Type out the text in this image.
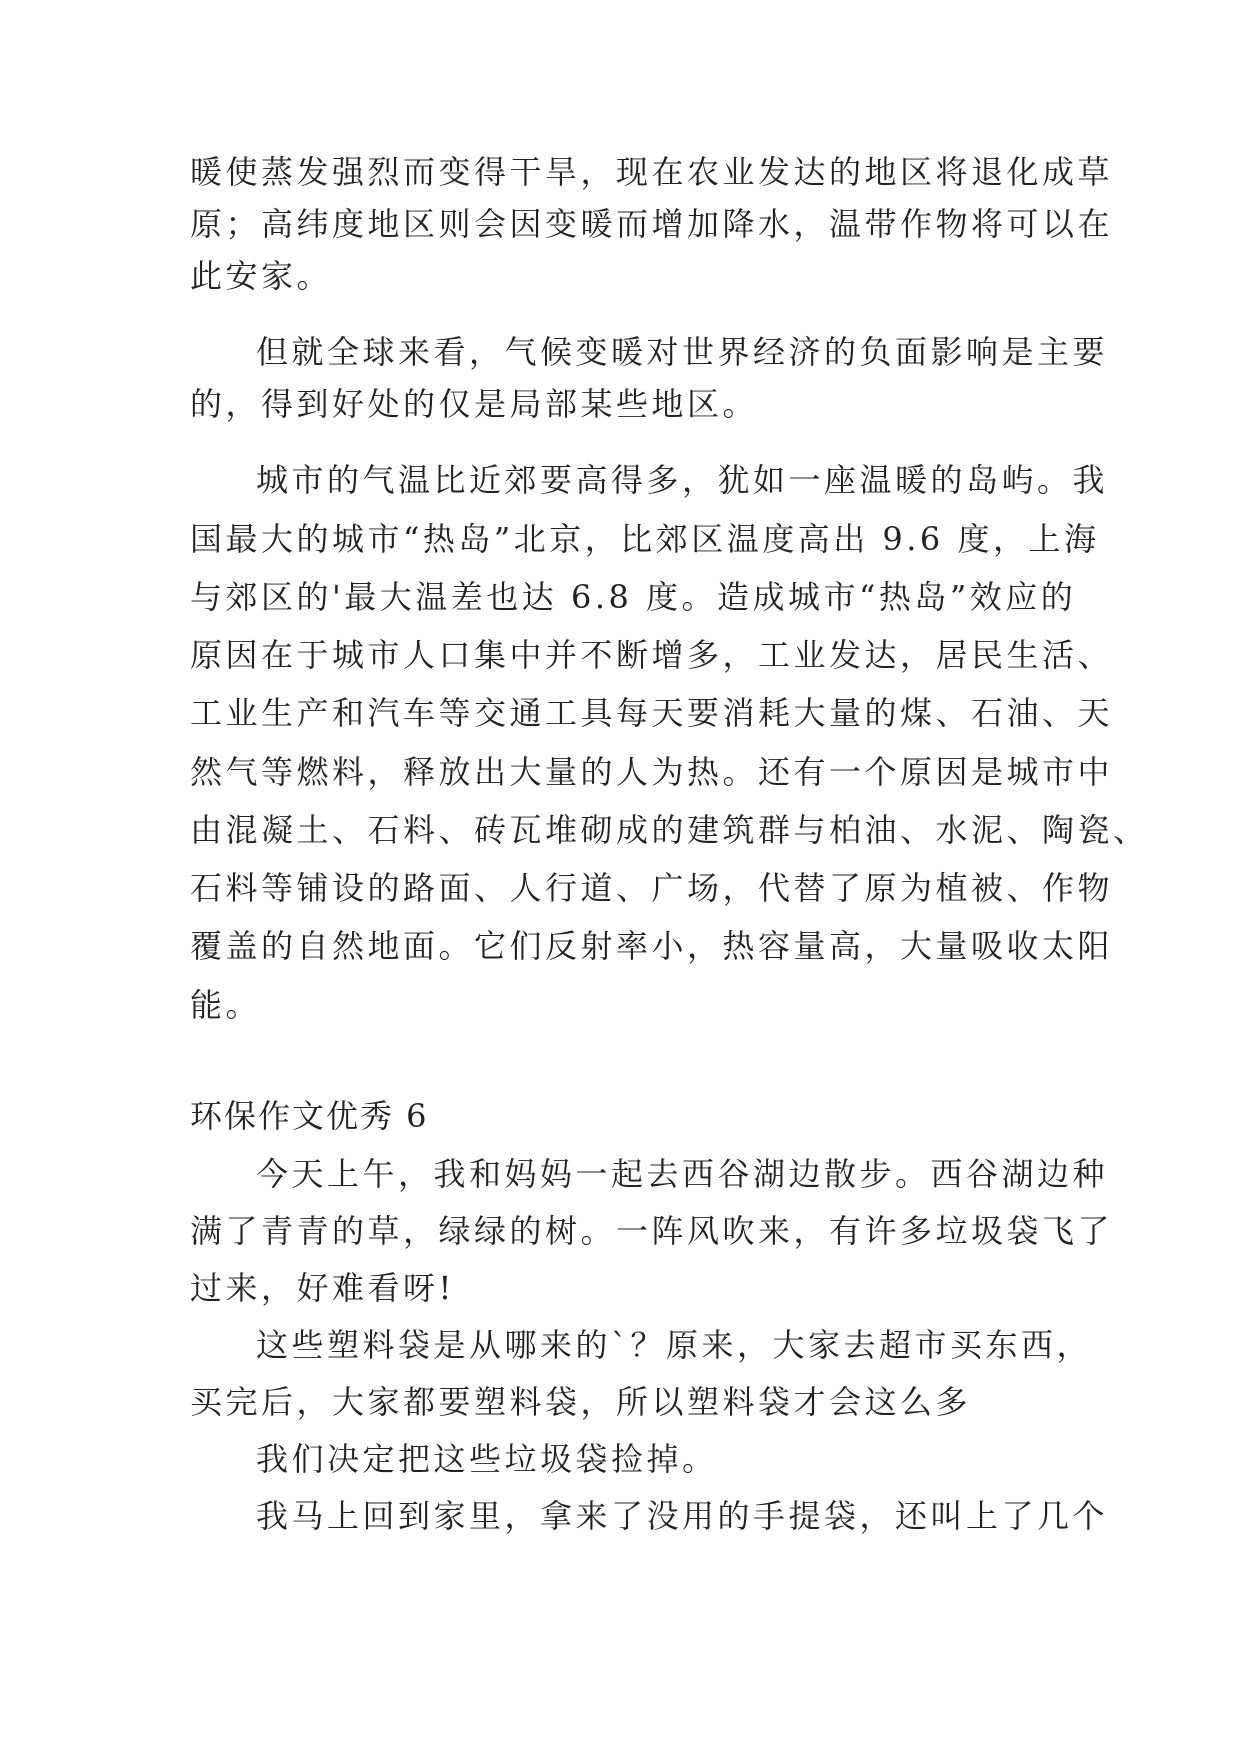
暖使蒸发强烈而变得干旱，现在农业发达的地区将退化成草
原；高纬度地区则会因变暖而增加降水，温带作物将可以在
此安家。
但就全球来看，气候变暖对世界经济的负面影响是主要
的，得到好处的仅是局部某些地区。
城市的气温比近郊要高得多，犹如一座温暖的岛屿。我
国最大的城市“热岛”北京，比郊区温度高出 9.6 度，上海
与郊区的'最大温差也达 6.8 度。造成城市“热岛”效应的
原因在于城市人口集中并不断增多，工业发达，居民生活、
工业生产和汽车等交通工具每天要消耗大量的煤、石油、天
然气等燃料，释放出大量的人为热。还有一个原因是城市中
由混凝土、石料、砖瓦堆砌成的建筑群与柏油、水泥、陶瓷、
石料等铺设的路面、人行道、广场，代替了原为植被、作物
覆盖的自然地面。它们反射率小，热容量高，大量吸收太阳
能。
环保作文优秀 6
今天上午，我和妈妈一起去西谷湖边散步。西谷湖边种
满了青青的草，绿绿的树。一阵风吹来，有许多垃圾袋飞了
过来，好难看呀!
这些塑料袋是从哪来的`？原来，大家去超市买东西，
买完后，大家都要塑料袋，所以塑料袋才会这么多
我们决定把这些垃圾袋捡掉。
我马上回到家里，拿来了没用的手提袋，还叫上了几个
